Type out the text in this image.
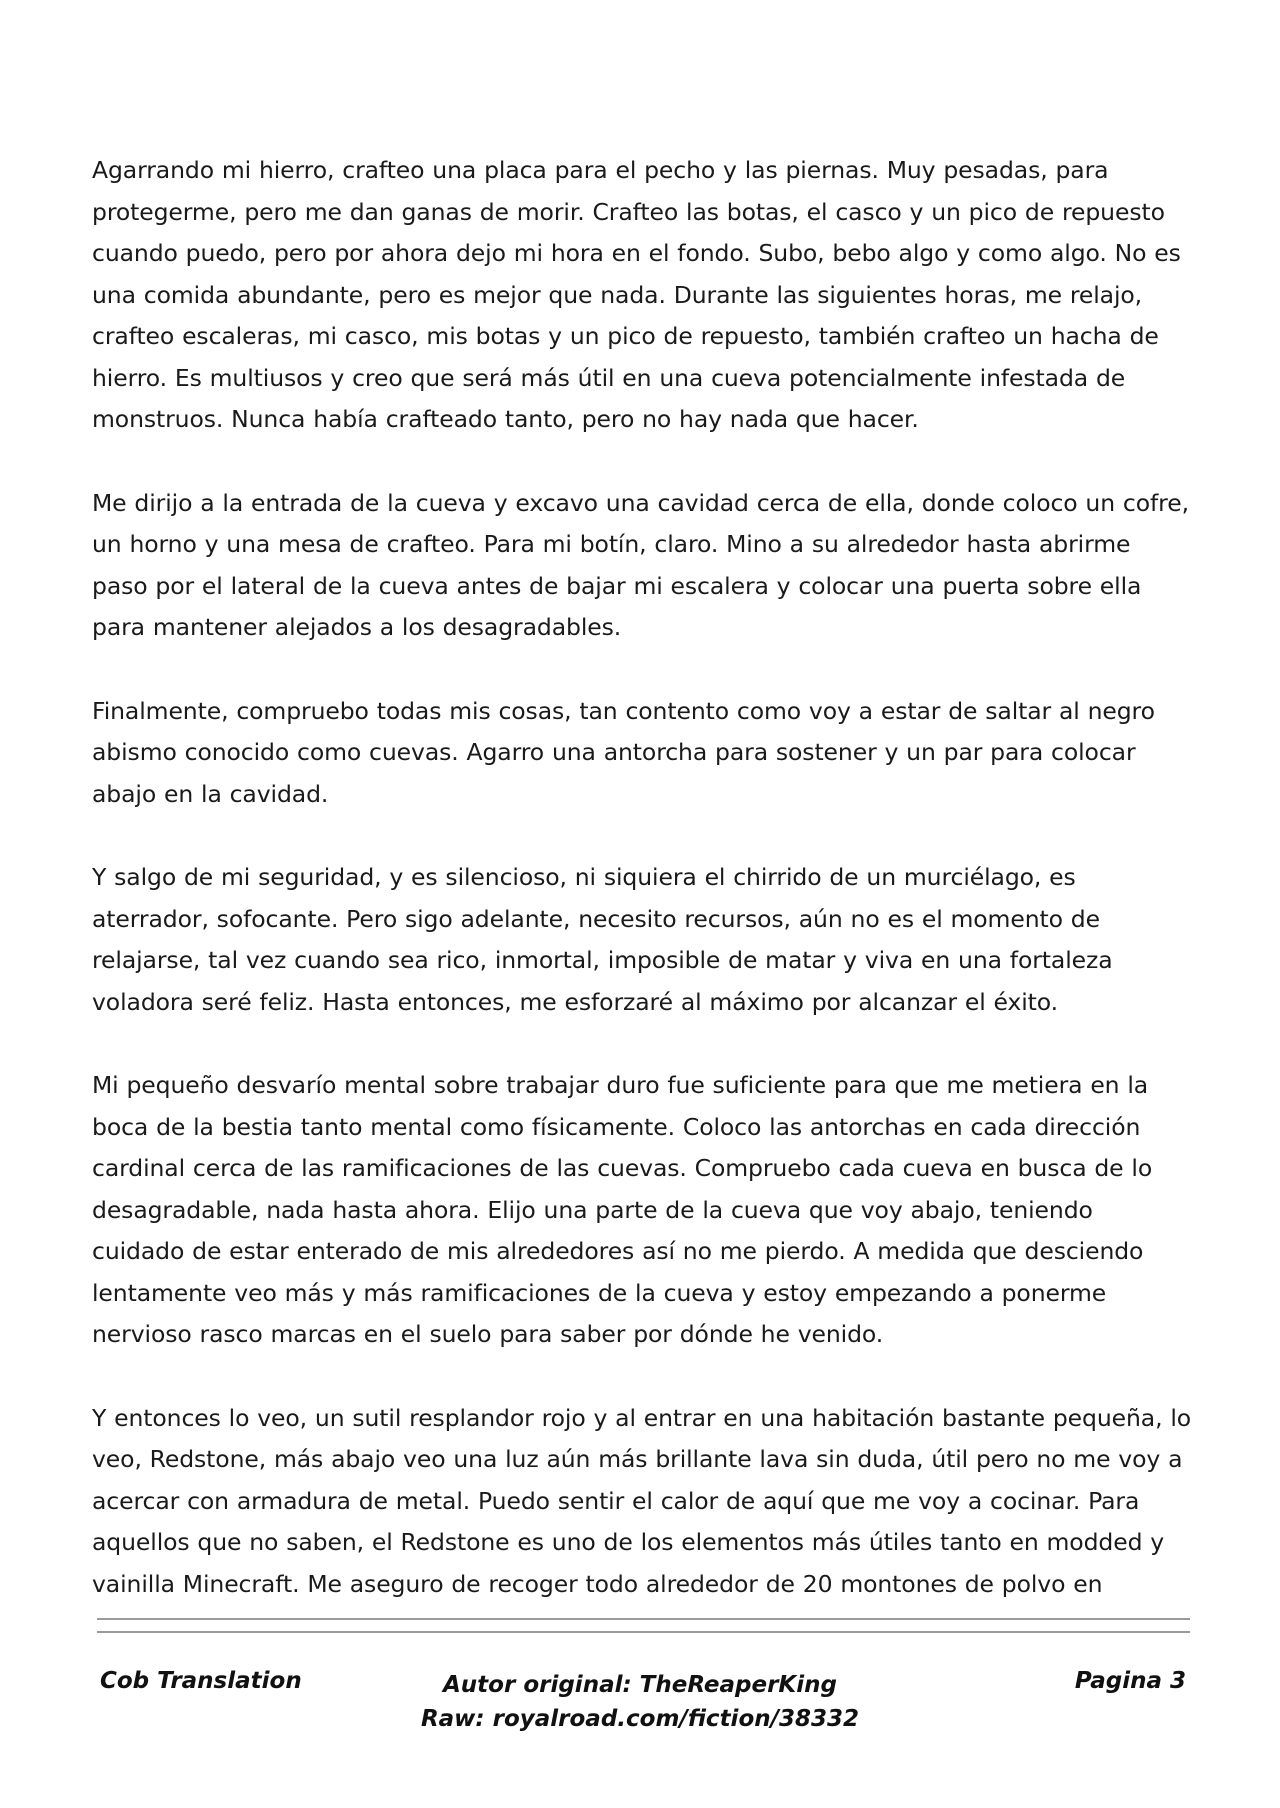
Agarrando mi hierro, crafteo una placa para el pecho y las piernas. Muy pesadas, para protegerme, pero me dan ganas de morir. Crafteo las botas, el casco y un pico de repuesto cuando puedo, pero por ahora dejo mi hora en el fondo. Subo, bebo algo y como algo. No es una comida abundante, pero es mejor que nada. Durante las siguientes horas, me relajo, crafteo escaleras, mi casco, mis botas y un pico de repuesto, también crafteo un hacha de hierro. Es multiusos y creo que será más útil en una cueva potencialmente infestada de monstruos. Nunca había crafteado tanto, pero no hay nada que hacer.

Me dirijo a la entrada de la cueva y excavo una cavidad cerca de ella, donde coloco un cofre, un horno y una mesa de crafteo. Para mi botín, claro. Mino a su alrededor hasta abrirme paso por el lateral de la cueva antes de bajar mi escalera y colocar una puerta sobre ella para mantener alejados a los desagradables.

Finalmente, compruebo todas mis cosas, tan contento como voy a estar de saltar al negro abismo conocido como cuevas. Agarro una antorcha para sostener y un par para colocar abajo en la cavidad.

Y salgo de mi seguridad, y es silencioso, ni siquiera el chirrido de un murciélago, es aterrador, sofocante. Pero sigo adelante, necesito recursos, aún no es el momento de relajarse, tal vez cuando sea rico, inmortal, imposible de matar y viva en una fortaleza voladora seré feliz. Hasta entonces, me esforzaré al máximo por alcanzar el éxito.

Mi pequeño desvarío mental sobre trabajar duro fue suficiente para que me metiera en la boca de la bestia tanto mental como físicamente. Coloco las antorchas en cada dirección cardinal cerca de las ramificaciones de las cuevas. Compruebo cada cueva en busca de lo desagradable, nada hasta ahora. Elijo una parte de la cueva que voy abajo, teniendo cuidado de estar enterado de mis alrededores así no me pierdo. A medida que desciendo lentamente veo más y más ramificaciones de la cueva y estoy empezando a ponerme nervioso rasco marcas en el suelo para saber por dónde he venido.

Y entonces lo veo, un sutil resplandor rojo y al entrar en una habitación bastante pequeña, lo veo, Redstone, más abajo veo una luz aún más brillante lava sin duda, útil pero no me voy a acercar con armadura de metal. Puedo sentir el calor de aquí que me voy a cocinar. Para aquellos que no saben, el Redstone es uno de los elementos más útiles tanto en modded y vainilla Minecraft. Me aseguro de recoger todo alrededor de 20 montones de polvo en

Cob Translation	Autor original: TheReaperKing
Raw: royalroad.com/fiction/38332
Pagina 3
